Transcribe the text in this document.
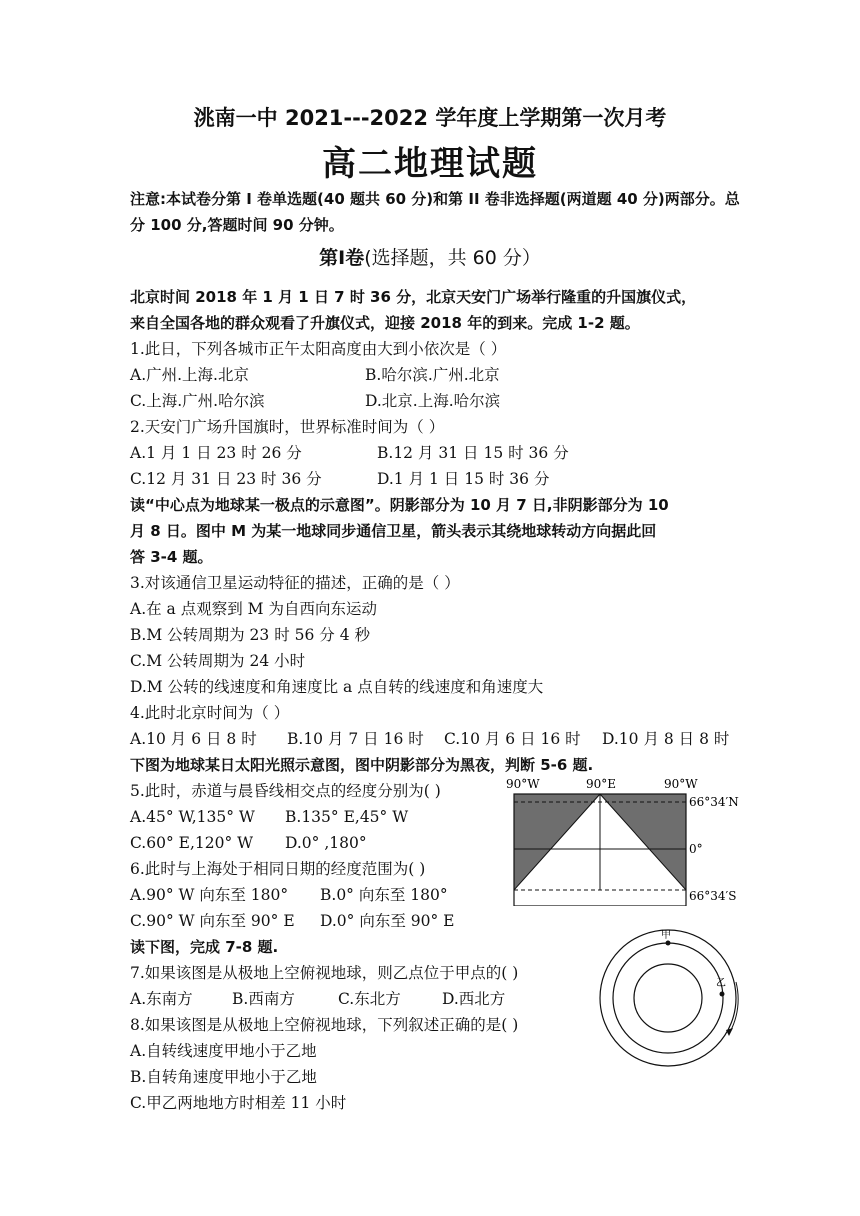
洮南一中 2021---2022 学年度上学期第一次月考
高二地理试题
注意:本试卷分第 I 卷单选题(40 题共 60 分)和第 II 卷非选择题(两道题 40 分)两部分。总
分 100 分,答题时间 90 分钟。
第Ⅰ卷(选择题，共 60 分）
北京时间 2018 年 1 月 1 日 7 时 36 分，北京天安门广场举行隆重的升国旗仪式，
来自全国各地的群众观看了升旗仪式，迎接 2018 年的到来。完成 1-2 题。
1.此日，下列各城市正午太阳高度由大到小依次是（ ）
A.广州.上海.北京	B.哈尔滨.广州.北京
C.上海.广州.哈尔滨	D.北京.上海.哈尔滨
2.天安门广场升国旗时，世界标准时间为（ ）
A.1 月 1 日 23 时 26 分	B.12 月 31 日 15 时 36 分
C.12 月 31 日 23 时 36 分	D.1 月 1 日 15 时 36 分
读“中心点为地球某一极点的示意图”。阴影部分为 10 月 7 日,非阴影部分为 10
月 8 日。图中 M 为某一地球同步通信卫星，箭头表示其绕地球转动方向据此回
答 3-4 题。
3.对该通信卫星运动特征的描述，正确的是（ ）
A.在 a 点观察到 M 为自西向东运动
B.M 公转周期为 23 时 56 分 4 秒
C.M 公转周期为 24 小时
D.M 公转的线速度和角速度比 a 点自转的线速度和角速度大
4.此时北京时间为（ ）
A.10 月 6 日 8 时 B.10 月 7 日 16 时 C.10 月 6 日 16 时 D.10 月 8 日 8 时
下图为地球某日太阳光照示意图，图中阴影部分为黑夜，判断 5-6 题.
5.此时，赤道与晨昏线相交点的经度分别为( )
A.45° W,135° W B.135° E,45° W
C.60° E,120° W D.0° ,180°
6.此时与上海处于相同日期的经度范围为( )
A.90° W 向东至 180° B.0° 向东至 180°
C.90° W 向东至 90° E D.0° 向东至 90° E
90°W	90°E	90°W
66°34′N
0°
66°34′S
读下图，完成 7-8 题.
7.如果该图是从极地上空俯视地球，则乙点位于甲点的( )
A.东南方	B.西南方	C.东北方	D.西北方
8.如果该图是从极地上空俯视地球，下列叙述正确的是( )
A.自转线速度甲地小于乙地
B.自转角速度甲地小于乙地
C.甲乙两地地方时相差 11 小时
甲
乙
